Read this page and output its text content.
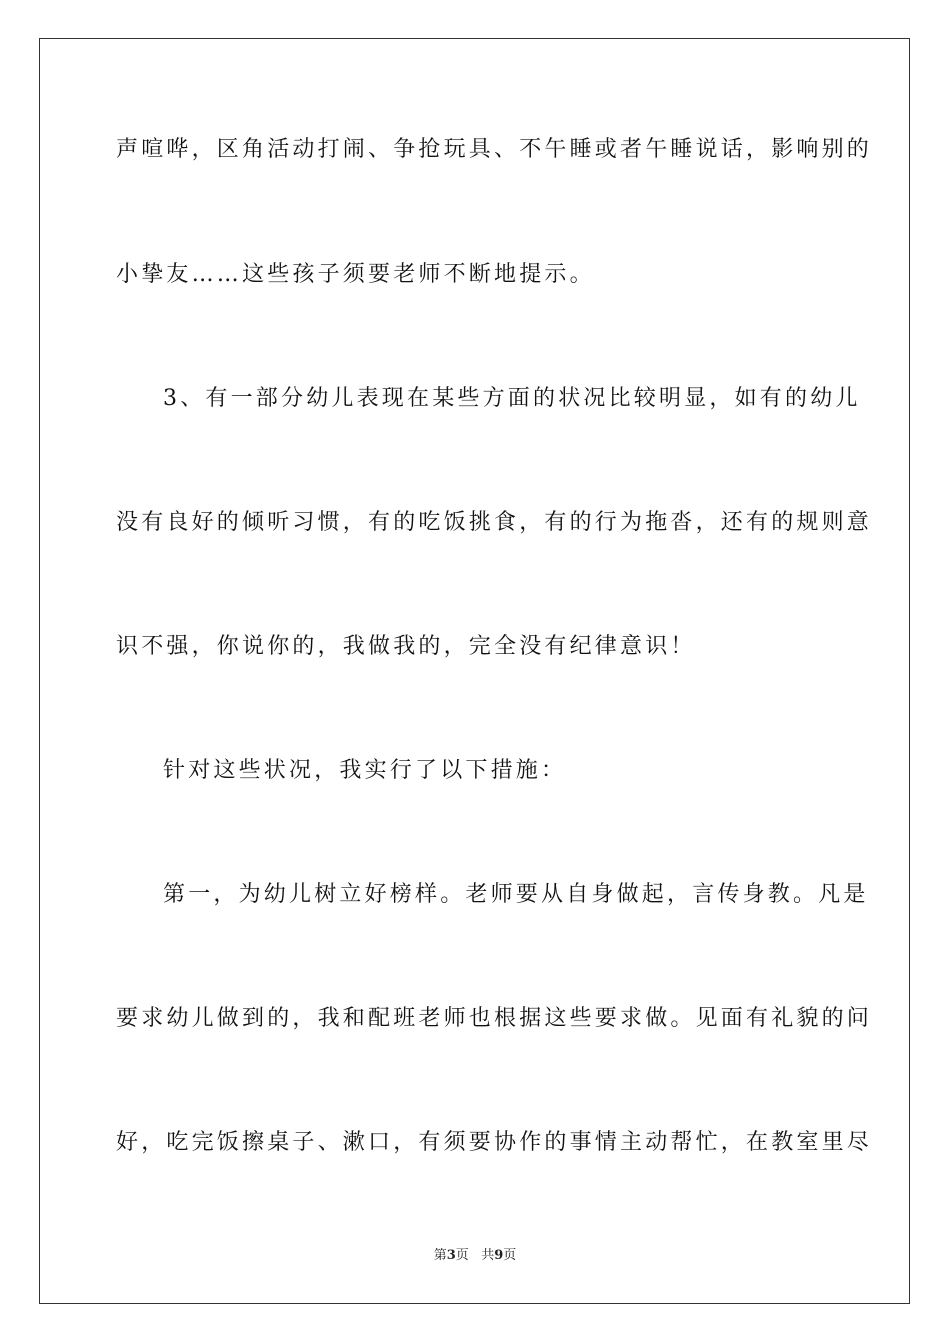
声喧哗，区角活动打闹、争抢玩具、不午睡或者午睡说话，影响别的
小挚友……这些孩子须要老师不断地提示。
3、有一部分幼儿表现在某些方面的状况比较明显，如有的幼儿
没有良好的倾听习惯，有的吃饭挑食，有的行为拖沓，还有的规则意
识不强，你说你的，我做我的，完全没有纪律意识！
针对这些状况，我实行了以下措施：
第一，为幼儿树立好榜样。老师要从自身做起，言传身教。凡是
要求幼儿做到的，我和配班老师也根据这些要求做。见面有礼貌的问
好，吃完饭擦桌子、漱口，有须要协作的事情主动帮忙，在教室里尽
第3页 共9页
